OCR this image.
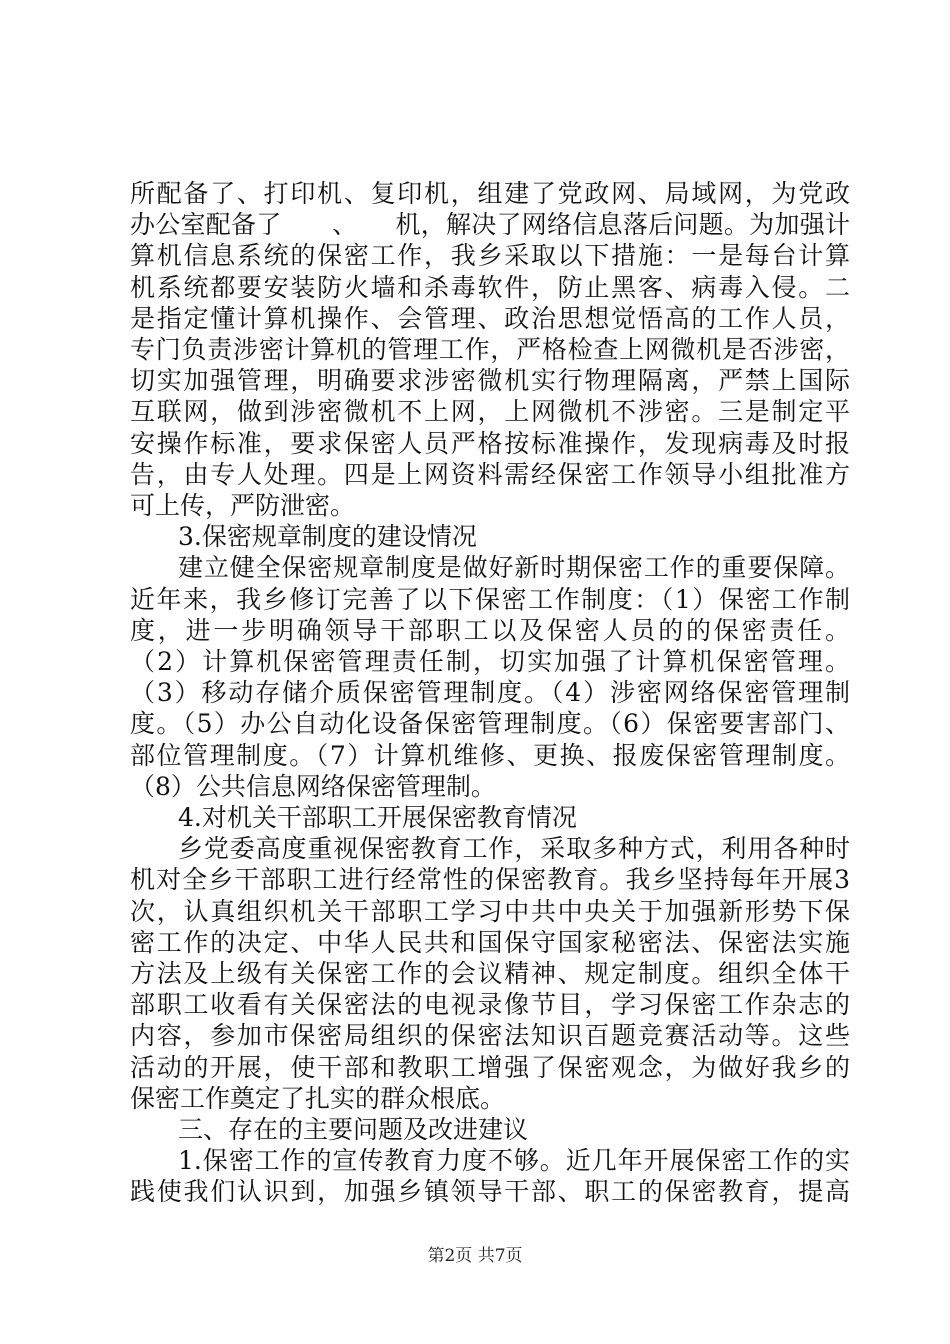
所配备了、打印机、复印机，组建了党政网、局域网，为党政
办公室配备了　　、　　机，解决了网络信息落后问题。为加强计
算机信息系统的保密工作，我乡采取以下措施：一是每台计算
机系统都要安装防火墙和杀毒软件，防止黑客、病毒入侵。二
是指定懂计算机操作、会管理、政治思想觉悟高的工作人员，
专门负责涉密计算机的管理工作，严格检查上网微机是否涉密，
切实加强管理，明确要求涉密微机实行物理隔离，严禁上国际
互联网，做到涉密微机不上网，上网微机不涉密。三是制定平
安操作标准，要求保密人员严格按标准操作，发现病毒及时报
告，由专人处理。四是上网资料需经保密工作领导小组批准方
可上传，严防泄密。
3.保密规章制度的建设情况
建立健全保密规章制度是做好新时期保密工作的重要保障。
近年来，我乡修订完善了以下保密工作制度：（1）保密工作制
度，进一步明确领导干部职工以及保密人员的的保密责任。
（2）计算机保密管理责任制，切实加强了计算机保密管理。
（3）移动存储介质保密管理制度。（4）涉密网络保密管理制
度。（5）办公自动化设备保密管理制度。（6）保密要害部门、
部位管理制度。（7）计算机维修、更换、报废保密管理制度。
（8）公共信息网络保密管理制。
4.对机关干部职工开展保密教育情况
乡党委高度重视保密教育工作，采取多种方式，利用各种时
机对全乡干部职工进行经常性的保密教育。我乡坚持每年开展3
次，认真组织机关干部职工学习中共中央关于加强新形势下保
密工作的决定、中华人民共和国保守国家秘密法、保密法实施
方法及上级有关保密工作的会议精神、规定制度。组织全体干
部职工收看有关保密法的电视录像节目，学习保密工作杂志的
内容，参加市保密局组织的保密法知识百题竞赛活动等。这些
活动的开展，使干部和教职工增强了保密观念，为做好我乡的
保密工作奠定了扎实的群众根底。
三、存在的主要问题及改进建议
1.保密工作的宣传教育力度不够。近几年开展保密工作的实
践使我们认识到，加强乡镇领导干部、职工的保密教育，提高
第2页 共7页
